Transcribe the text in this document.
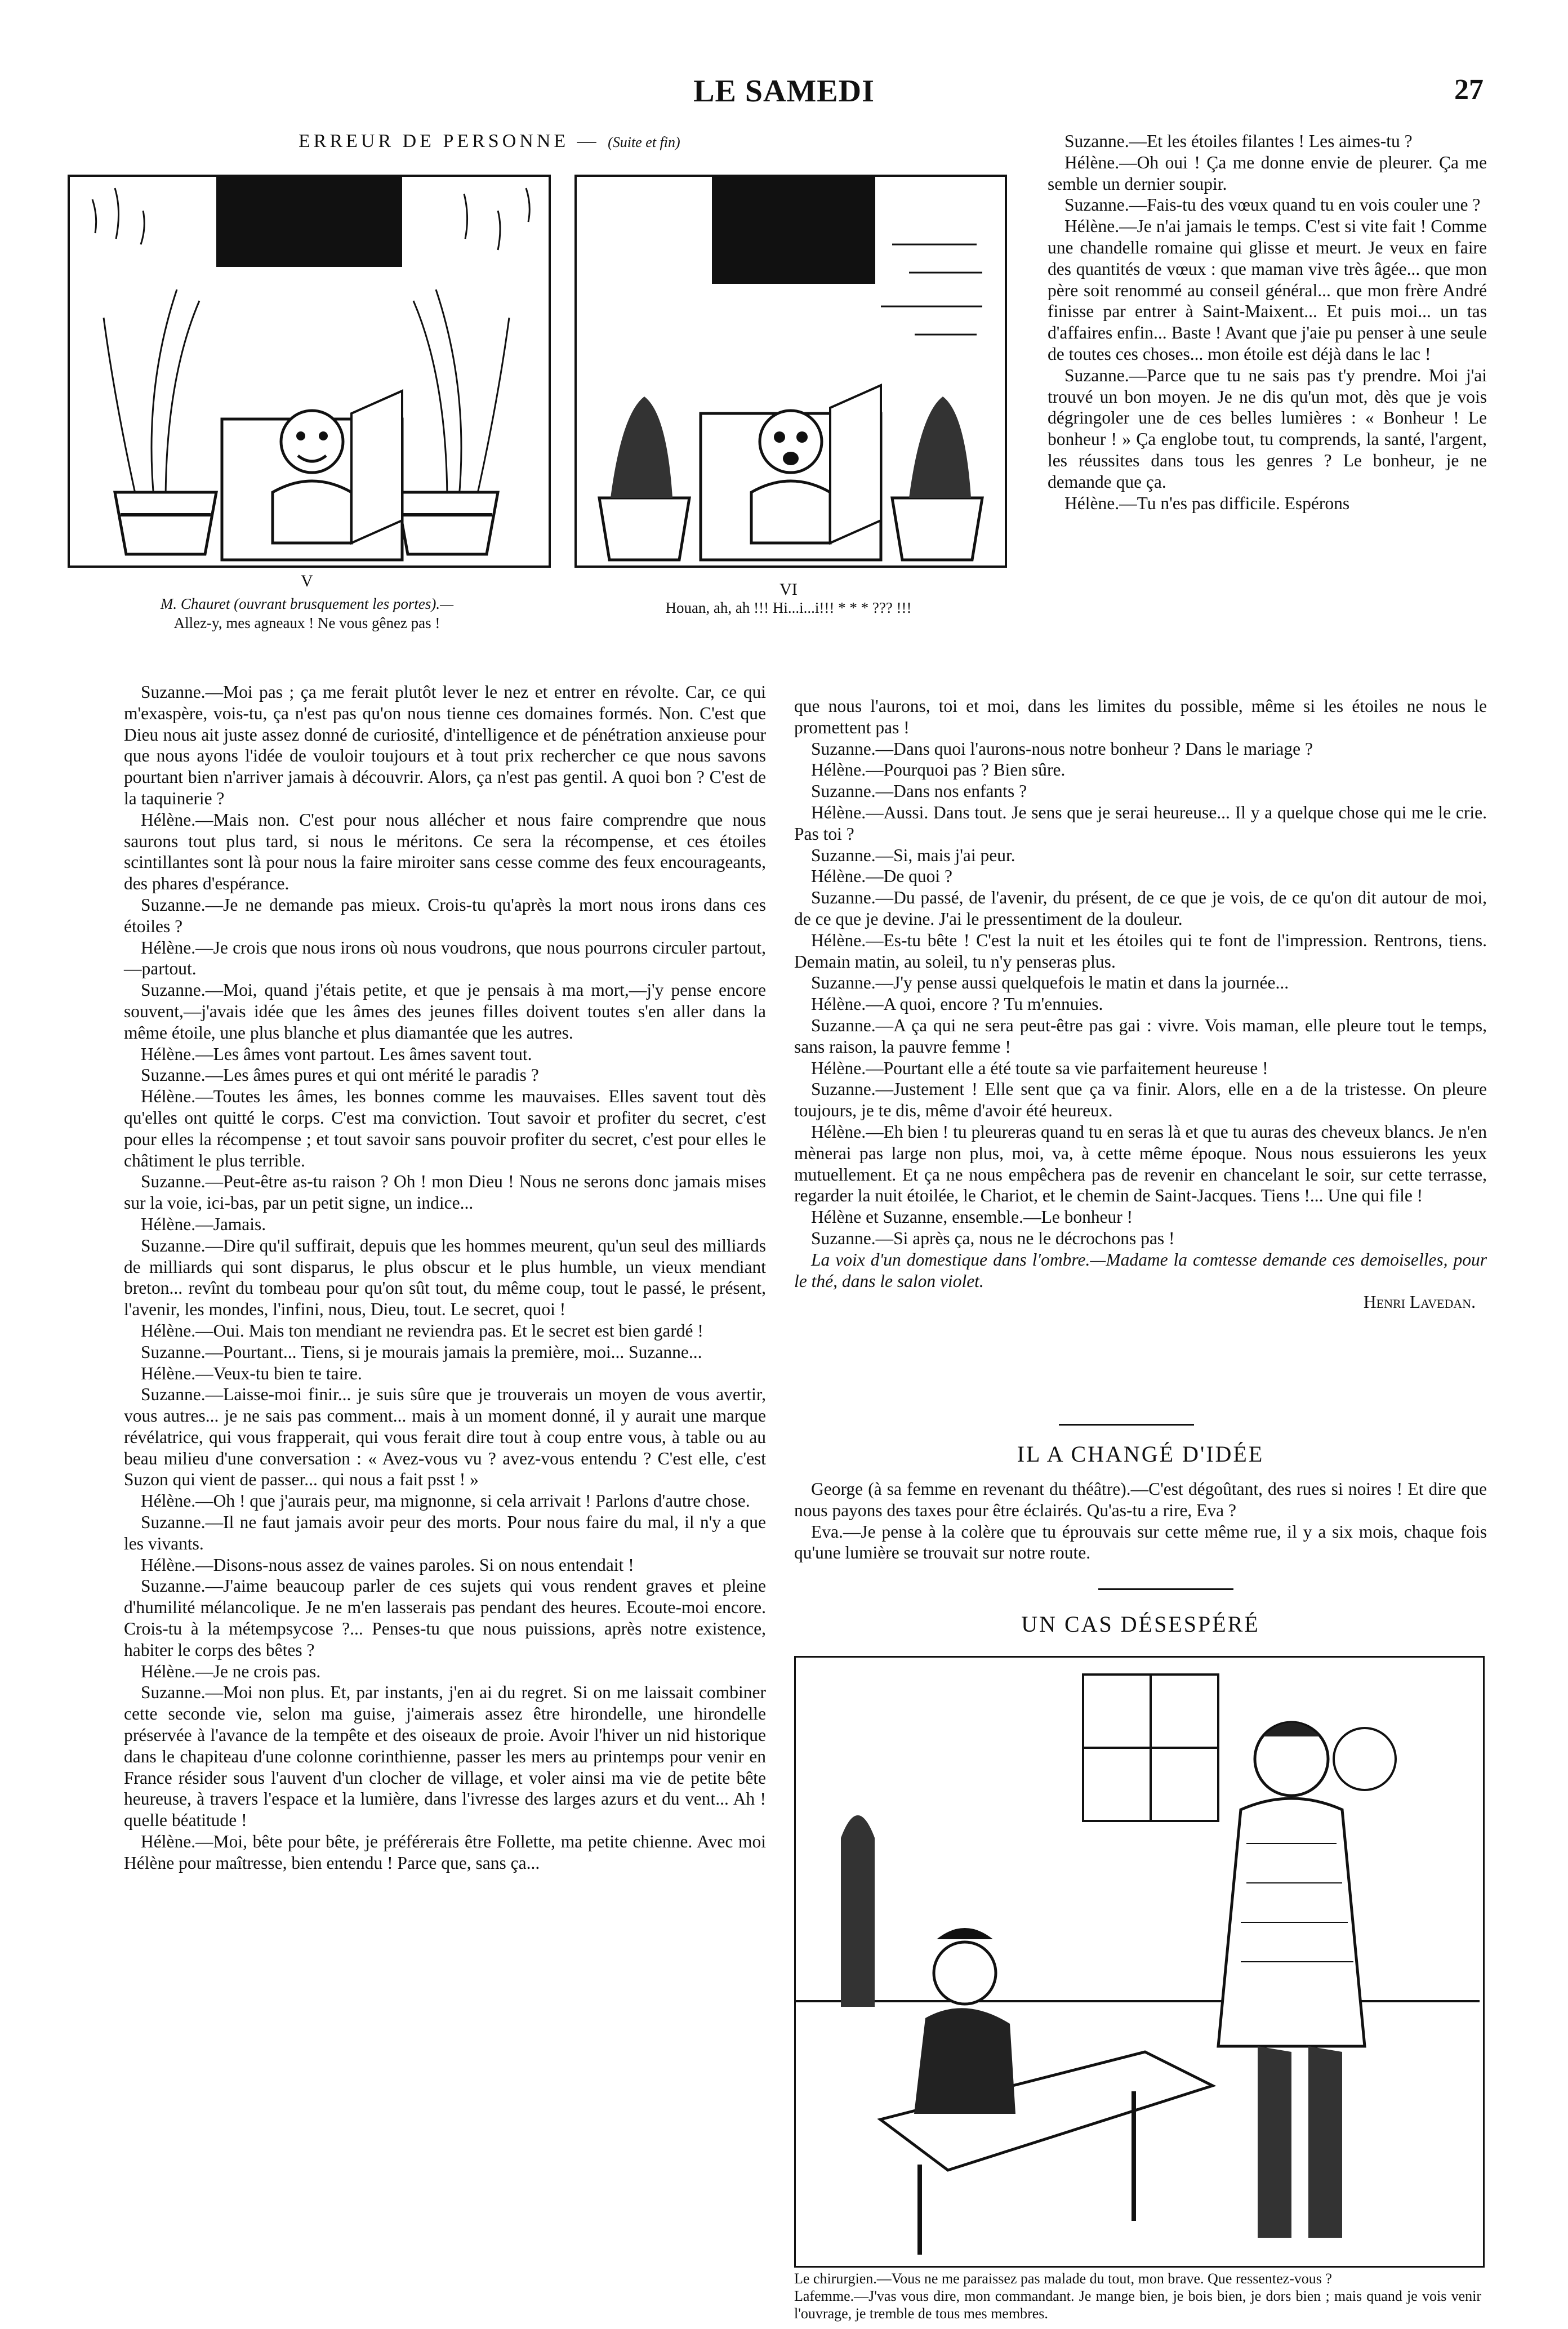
LE SAMEDI	27
ERREUR DE PERSONNE — (Suite et fin)
V
M. Chauret (ouvrant brusquement les portes).—
Allez-y, mes agneaux ! Ne vous gênez pas !
VI
Houan, ah, ah !!! Hi...i...i!!! * * * ??? !!!

Suzanne.—Moi pas ; ça me ferait plutôt lever le nez et entrer en révolte. Car, ce qui m'exaspère, vois-tu, ça n'est pas qu'on nous tienne ces domaines formés. Non. C'est que Dieu nous ait juste assez donné de curiosité, d'intelligence et de pénétration anxieuse pour que nous ayons l'idée de vouloir toujours et à tout prix rechercher ce que nous savons pourtant bien n'arriver jamais à découvrir. Alors, ça n'est pas gentil. A quoi bon ? C'est de la taquinerie ?

Hélène.—Mais non. C'est pour nous allécher et nous faire comprendre que nous saurons tout plus tard, si nous le méritons. Ce sera la récompense, et ces étoiles scintillantes sont là pour nous la faire miroiter sans cesse comme des feux encourageants, des phares d'espérance.

Suzanne.—Je ne demande pas mieux. Crois-tu qu'après la mort nous irons dans ces étoiles ?

Hélène.—Je crois que nous irons où nous voudrons, que nous pourrons circuler partout,—partout.

Suzanne.—Moi, quand j'étais petite, et que je pensais à ma mort,—j'y pense encore souvent,—j'avais idée que les âmes des jeunes filles doivent toutes s'en aller dans la même étoile, une plus blanche et plus diamantée que les autres.

Hélène.—Les âmes vont partout. Les âmes savent tout.

Suzanne.—Les âmes pures et qui ont mérité le paradis ?

Hélène.—Toutes les âmes, les bonnes comme les mauvaises. Elles savent tout dès qu'elles ont quitté le corps. C'est ma conviction. Tout savoir et profiter du secret, c'est pour elles la récompense ; et tout savoir sans pouvoir profiter du secret, c'est pour elles le châtiment le plus terrible.

Suzanne.—Peut-être as-tu raison ? Oh ! mon Dieu ! Nous ne serons donc jamais mises sur la voie, ici-bas, par un petit signe, un indice...

Hélène.—Jamais.

Suzanne.—Dire qu'il suffirait, depuis que les hommes meurent, qu'un seul des milliards de milliards qui sont disparus, le plus obscur et le plus humble, un vieux mendiant breton... revînt du tombeau pour qu'on sût tout, du même coup, tout le passé, le présent, l'avenir, les mondes, l'infini, nous, Dieu, tout. Le secret, quoi !

Hélène.—Oui. Mais ton mendiant ne reviendra pas. Et le secret est bien gardé !

Suzanne.—Pourtant... Tiens, si je mourais jamais la première, moi... Suzanne...

Hélène.—Veux-tu bien te taire.

Suzanne.—Laisse-moi finir... je suis sûre que je trouverais un moyen de vous avertir, vous autres... je ne sais pas comment... mais à un moment donné, il y aurait une marque révélatrice, qui vous frapperait, qui vous ferait dire tout à coup entre vous, à table ou au beau milieu d'une conversation : « Avez-vous vu ? avez-vous entendu ? C'est elle, c'est Suzon qui vient de passer... qui nous a fait psst ! »

Hélène.—Oh ! que j'aurais peur, ma mignonne, si cela arrivait ! Parlons d'autre chose.

Suzanne.—Il ne faut jamais avoir peur des morts. Pour nous faire du mal, il n'y a que les vivants.

Hélène.—Disons-nous assez de vaines paroles. Si on nous entendait !

Suzanne.—J'aime beaucoup parler de ces sujets qui vous rendent graves et pleine d'humilité mélancolique. Je ne m'en lasserais pas pendant des heures. Ecoute-moi encore. Crois-tu à la métempsycose ?... Penses-tu que nous puissions, après notre existence, habiter le corps des bêtes ?

Hélène.—Je ne crois pas.

Suzanne.—Moi non plus. Et, par instants, j'en ai du regret. Si on me laissait combiner cette seconde vie, selon ma guise, j'aimerais assez être hirondelle, une hirondelle préservée à l'avance de la tempête et des oiseaux de proie. Avoir l'hiver un nid historique dans le chapiteau d'une colonne corinthienne, passer les mers au printemps pour venir en France résider sous l'auvent d'un clocher de village, et voler ainsi ma vie de petite bête heureuse, à travers l'espace et la lumière, dans l'ivresse des larges azurs et du vent... Ah ! quelle béatitude !

Hélène.—Moi, bête pour bête, je préférerais être Follette, ma petite chienne. Avec moi Hélène pour maîtresse, bien entendu ! Parce que, sans ça...

Suzanne.—Et les étoiles filantes ! Les aimes-tu ?

Hélène.—Oh oui ! Ça me donne envie de pleurer. Ça me semble un dernier soupir.

Suzanne.—Fais-tu des vœux quand tu en vois couler une ?

Hélène.—Je n'ai jamais le temps. C'est si vite fait ! Comme une chandelle romaine qui glisse et meurt. Je veux en faire des quantités de vœux : que maman vive très âgée... que mon père soit renommé au conseil général... que mon frère André finisse par entrer à Saint-Maixent... Et puis moi... un tas d'affaires enfin... Baste ! Avant que j'aie pu penser à une seule de toutes ces choses... mon étoile est déjà dans le lac !

Suzanne.—Parce que tu ne sais pas t'y prendre. Moi j'ai trouvé un bon moyen. Je ne dis qu'un mot, dès que je vois dégringoler une de ces belles lumières : « Bonheur ! Le bonheur ! » Ça englobe tout, tu comprends, la santé, l'argent, les réussites dans tous les genres ? Le bonheur, je ne demande que ça.

Hélène.—Tu n'es pas difficile. Espérons

que nous l'aurons, toi et moi, dans les limites du possible, même si les étoiles ne nous le promettent pas !

Suzanne.—Dans quoi l'aurons-nous notre bonheur ? Dans le mariage ?

Hélène.—Pourquoi pas ? Bien sûre.

Suzanne.—Dans nos enfants ?

Hélène.—Aussi. Dans tout. Je sens que je serai heureuse... Il y a quelque chose qui me le crie. Pas toi ?

Suzanne.—Si, mais j'ai peur.

Hélène.—De quoi ?

Suzanne.—Du passé, de l'avenir, du présent, de ce que je vois, de ce qu'on dit autour de moi, de ce que je devine. J'ai le pressentiment de la douleur.

Hélène.—Es-tu bête ! C'est la nuit et les étoiles qui te font de l'impression. Rentrons, tiens. Demain matin, au soleil, tu n'y penseras plus.

Suzanne.—J'y pense aussi quelquefois le matin et dans la journée...

Hélène.—A quoi, encore ? Tu m'ennuies.

Suzanne.—A ça qui ne sera peut-être pas gai : vivre. Vois maman, elle pleure tout le temps, sans raison, la pauvre femme !

Hélène.—Pourtant elle a été toute sa vie parfaitement heureuse !

Suzanne.—Justement ! Elle sent que ça va finir. Alors, elle en a de la tristesse. On pleure toujours, je te dis, même d'avoir été heureux.

Hélène.—Eh bien ! tu pleureras quand tu en seras là et que tu auras des cheveux blancs. Je n'en mènerai pas large non plus, moi, va, à cette même époque. Nous nous essuierons les yeux mutuellement. Et ça ne nous empêchera pas de revenir en chancelant le soir, sur cette terrasse, regarder la nuit étoilée, le Chariot, et le chemin de Saint-Jacques. Tiens !... Une qui file !

Hélène et Suzanne, ensemble.—Le bonheur !

Suzanne.—Si après ça, nous ne le décrochons pas !

La voix d'un domestique dans l'ombre.—Madame la comtesse demande ces demoiselles, pour le thé, dans le salon violet.

Henri Lavedan.
IL A CHANGÉ D'IDÉE

George (à sa femme en revenant du théâtre).—C'est dégoûtant, des rues si noires ! Et dire que nous payons des taxes pour être éclairés. Qu'as-tu a rire, Eva ?

Eva.—Je pense à la colère que tu éprouvais sur cette même rue, il y a six mois, chaque fois qu'une lumière se trouvait sur notre route.

UN CAS DÉSESPÉRÉ
Le chirurgien.—Vous ne me paraissez pas malade du tout, mon brave. Que ressentez-vous ?
Lafemme.—J'vas vous dire, mon commandant. Je mange bien, je bois bien, je dors bien ; mais quand je vois venir l'ouvrage, je tremble de tous mes membres.
